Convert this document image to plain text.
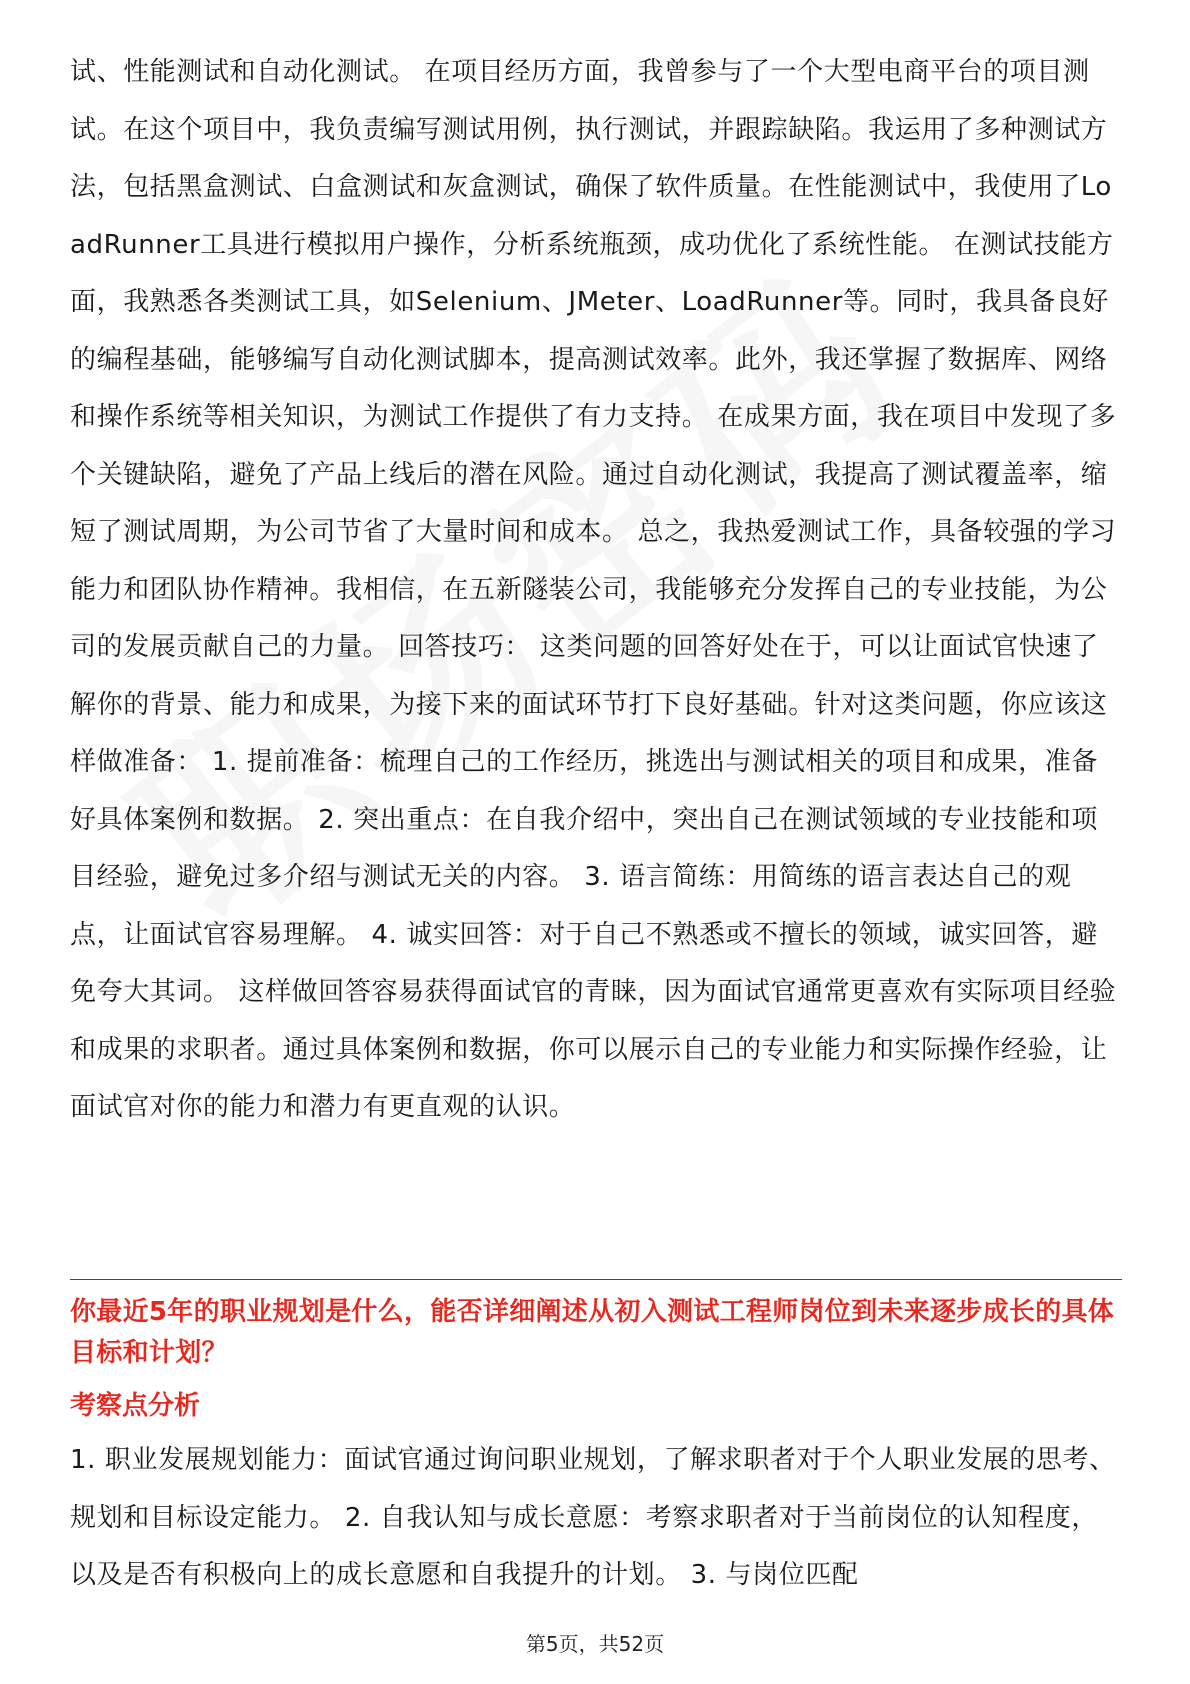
试、性能测试和自动化测试。 在项目经历方面，我曾参与了一个大型电商平台的项目测试。在这个项目中，我负责编写测试用例，执行测试，并跟踪缺陷。我运用了多种测试方法，包括黑盒测试、白盒测试和灰盒测试，确保了软件质量。在性能测试中，我使用了LoadRunner工具进行模拟用户操作，分析系统瓶颈，成功优化了系统性能。 在测试技能方面，我熟悉各类测试工具，如Selenium、JMeter、LoadRunner等。同时，我具备良好的编程基础，能够编写自动化测试脚本，提高测试效率。此外，我还掌握了数据库、网络和操作系统等相关知识，为测试工作提供了有力支持。 在成果方面，我在项目中发现了多个关键缺陷，避免了产品上线后的潜在风险。通过自动化测试，我提高了测试覆盖率，缩短了测试周期，为公司节省了大量时间和成本。 总之，我热爱测试工作，具备较强的学习能力和团队协作精神。我相信，在五新隧装公司，我能够充分发挥自己的专业技能，为公司的发展贡献自己的力量。 回答技巧： 这类问题的回答好处在于，可以让面试官快速了解你的背景、能力和成果，为接下来的面试环节打下良好基础。针对这类问题，你应该这样做准备： 1. 提前准备：梳理自己的工作经历，挑选出与测试相关的项目和成果，准备好具体案例和数据。 2. 突出重点：在自我介绍中，突出自己在测试领域的专业技能和项目经验，避免过多介绍与测试无关的内容。 3. 语言简练：用简练的语言表达自己的观点，让面试官容易理解。 4. 诚实回答：对于自己不熟悉或不擅长的领域，诚实回答，避免夸大其词。 这样做回答容易获得面试官的青睐，因为面试官通常更喜欢有实际项目经验和成果的求职者。通过具体案例和数据，你可以展示自己的专业能力和实际操作经验，让面试官对你的能力和潜力有更直观的认识。

你最近5年的职业规划是什么，能否详细阐述从初入测试工程师岗位到未来逐步成长的具体目标和计划？
考察点分析

1. 职业发展规划能力：面试官通过询问职业规划，了解求职者对于个人职业发展的思考、规划和目标设定能力。 2. 自我认知与成长意愿：考察求职者对于当前岗位的认知程度，以及是否有积极向上的成长意愿和自我提升的计划。 3. 与岗位匹配

第5页，共52页
